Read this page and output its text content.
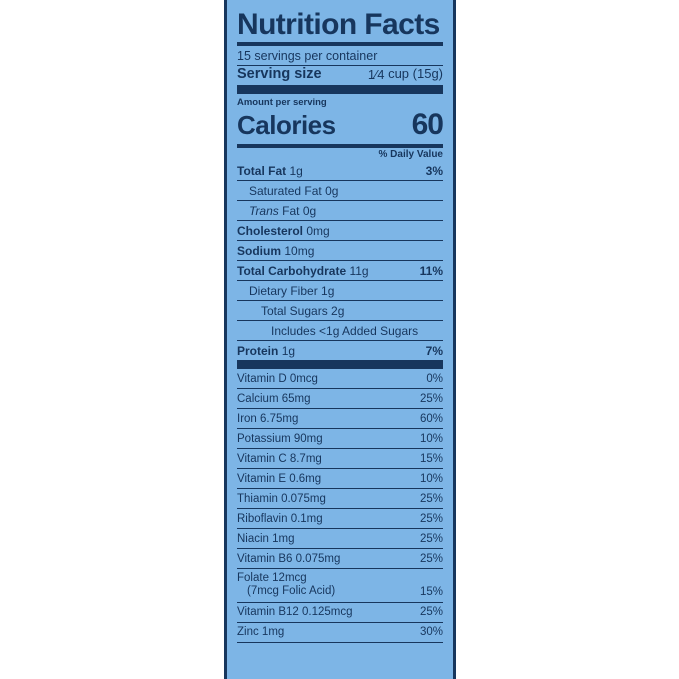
Nutrition Facts
15 servings per container
Serving size	1⁄4 cup (15g)
Amount per serving
Calories	60
% Daily Value
Total Fat 1g	3%
Saturated Fat 0g
Trans Fat 0g
Cholesterol 0mg
Sodium 10mg
Total Carbohydrate 11g	11%
Dietary Fiber 1g
Total Sugars 2g
Includes <1g Added Sugars
Protein 1g	7%
Vitamin D 0mcg	0%
Calcium 65mg	25%
Iron 6.75mg	60%
Potassium 90mg	10%
Vitamin C 8.7mg	15%
Vitamin E 0.6mg	10%
Thiamin 0.075mg	25%
Riboflavin 0.1mg	25%
Niacin 1mg	25%
Vitamin B6 0.075mg	25%
Folate 12mcg
(7mcg Folic Acid)	15%
Vitamin B12 0.125mcg	25%
Zinc 1mg	30%
